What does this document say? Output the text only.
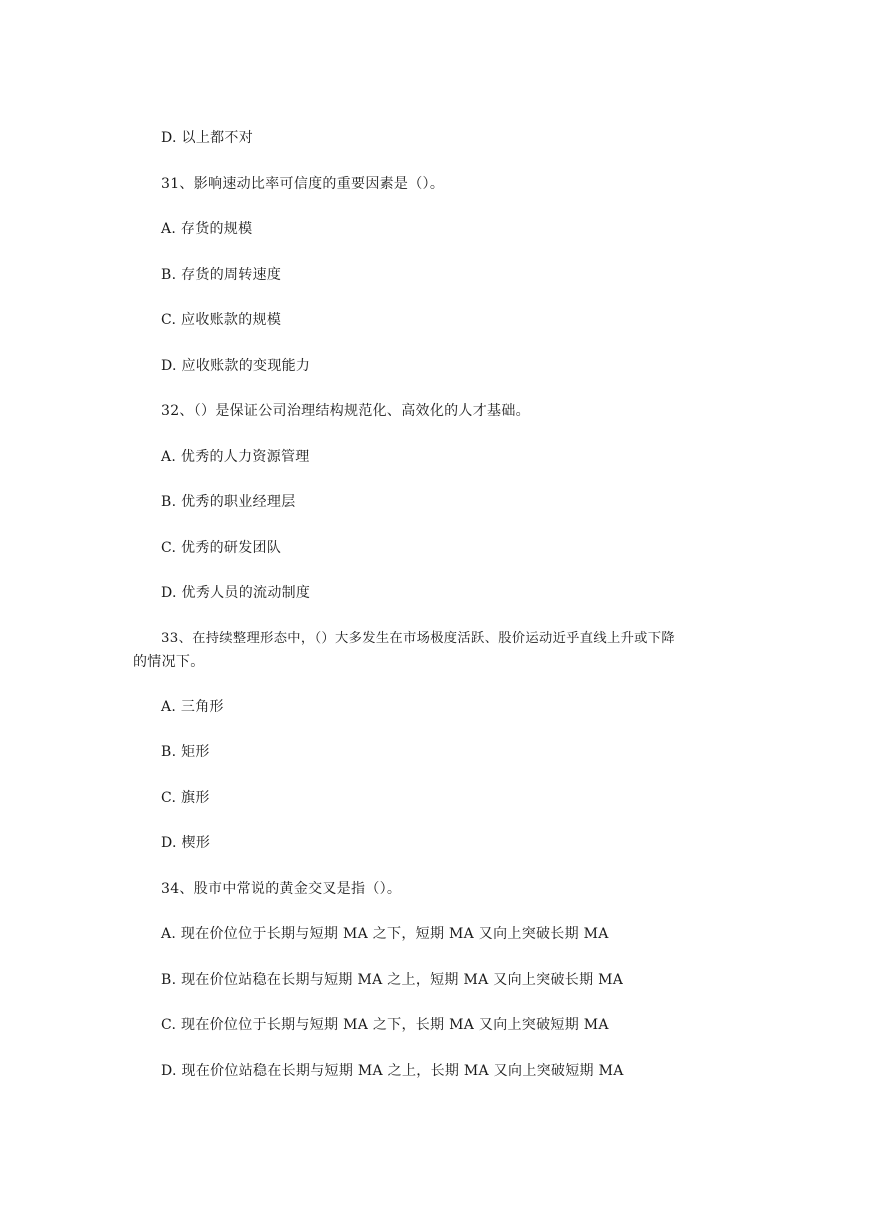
D. 以上都不对
31、影响速动比率可信度的重要因素是（）。
A. 存货的规模
B. 存货的周转速度
C. 应收账款的规模
D. 应收账款的变现能力
32、（）是保证公司治理结构规范化、高效化的人才基础。
A. 优秀的人力资源管理
B. 优秀的职业经理层
C. 优秀的研发团队
D. 优秀人员的流动制度
33、在持续整理形态中，（）大多发生在市场极度活跃、股价运动近乎直线上升或下降
的情况下。
A. 三角形
B. 矩形
C. 旗形
D. 楔形
34、股市中常说的黄金交叉是指（）。
A. 现在价位位于长期与短期 MA 之下，短期 MA 又向上突破长期 MA
B. 现在价位站稳在长期与短期 MA 之上，短期 MA 又向上突破长期 MA
C. 现在价位位于长期与短期 MA 之下，长期 MA 又向上突破短期 MA
D. 现在价位站稳在长期与短期 MA 之上，长期 MA 又向上突破短期 MA
